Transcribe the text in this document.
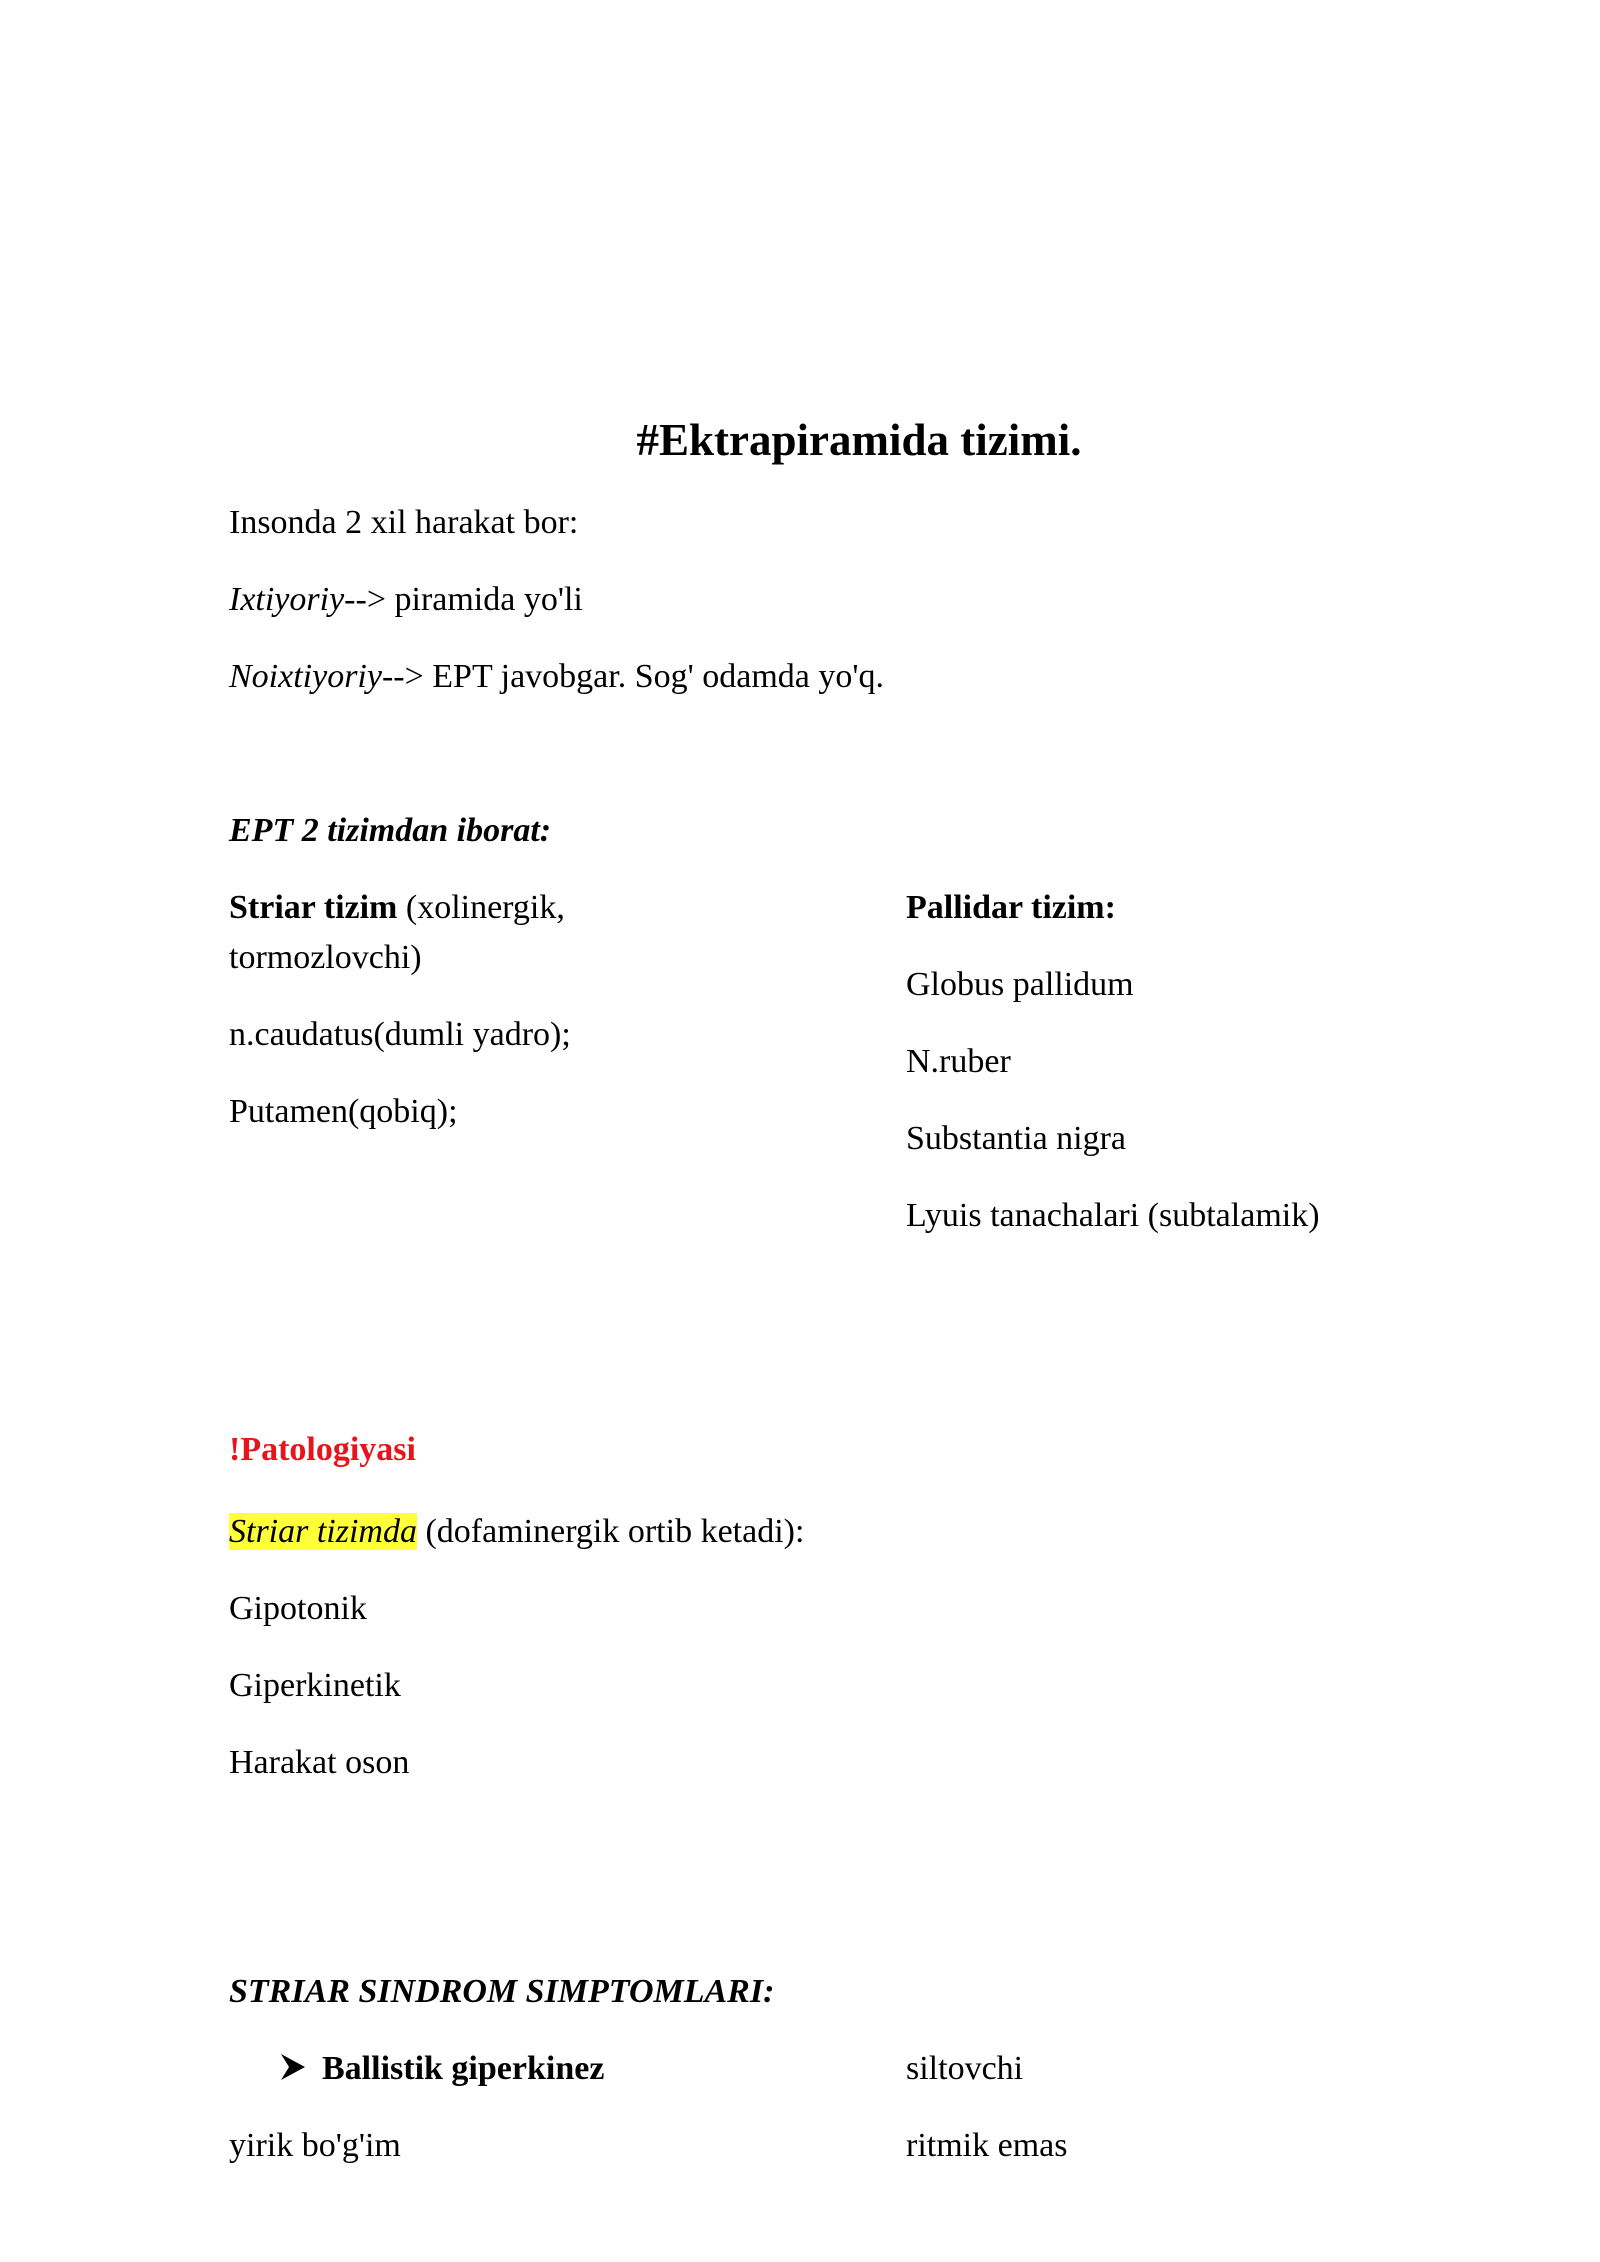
#Ektrapiramida tizimi.

Insonda 2 xil harakat bor:

Ixtiyoriy--> piramida yo'li

Noixtiyoriy--> EPT javobgar. Sog' odamda yo'q.

EPT 2 tizimdan iborat:

Striar tizim (xolinergik,

tormozlovchi)

n.caudatus(dumli yadro);

Putamen(qobiq);

Pallidar tizim:

Globus pallidum

N.ruber

Substantia nigra

Lyuis tanachalari (subtalamik)

!Patologiyasi

Striar tizimda (dofaminergik ortib ketadi):

Gipotonik

Giperkinetik

Harakat oson

STRIAR SINDROM SIMPTOMLARI:

Ballistik giperkinez	siltovchi

yirik bo'g'im	ritmik emas
